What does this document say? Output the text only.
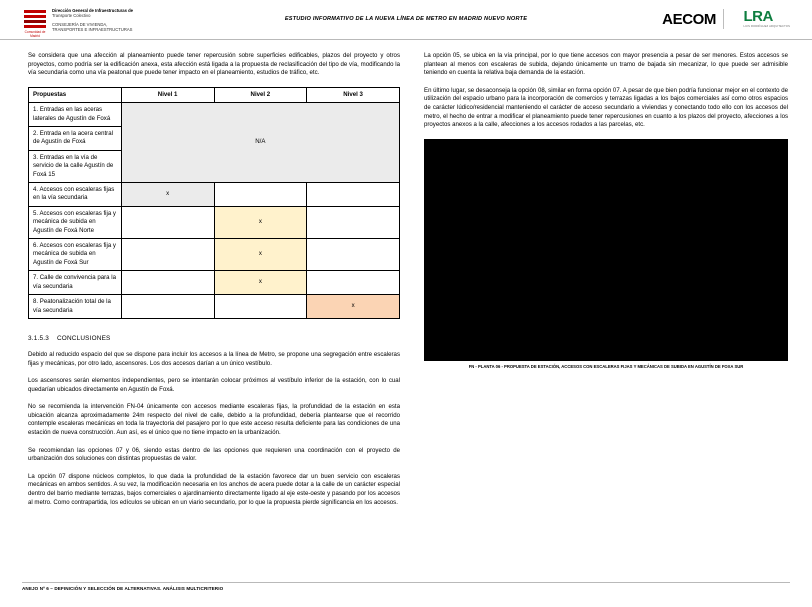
Comunidad de Madrid
Dirección General de Infraestructuras de
Transporte Colectivo
CONSEJERÍA DE VIVIENDA,
TRANSPORTES E INFRAESTRUCTURAS
ESTUDIO INFORMATIVO DE LA NUEVA LÍNEA DE METRO EN MADRID NUEVO NORTE	AECOM LRA
LUIS RODRÍGUEZ ARQUITECTOS

Se considera que una afección al planeamiento puede tener repercusión sobre superficies edificables, plazos del proyecto y otros proyectos, como podría ser la edificación anexa, esta afección está ligada a la propuesta de reclasificación del tipo de vía, modificando la vía secundaria como una vía peatonal que puede tener impacto en el planeamiento, estudios de tráfico, etc.

Propuestas	Nivel 1	Nivel 2	Nivel 3
1. Entradas en las aceras laterales de Agustín de Foxá	N/A		
2. Entrada en la acera central de Agustín de Foxá			
3. Entradas en la vía de servicio de la calle Agustín de Foxá 15			
4. Accesos con escaleras fijas en la vía secundaria	x		
5. Accesos con escaleras fija y mecánica de subida en Agustín de Foxá Norte		x	
6. Accesos con escaleras fija y mecánica de subida en Agustín de Foxá Sur		x	
7. Calle de convivencia para la vía secundaria		x	
8. Peatonalización total de la vía secundaria			x
3.1.5.3 CONCLUSIONES

Debido al reducido espacio del que se dispone para incluir los accesos a la línea de Metro, se propone una segregación entre escaleras fijas y mecánicas, por otro lado, ascensores. Los dos accesos darían a un único vestíbulo.

Los ascensores serán elementos independientes, pero se intentarán colocar próximos al vestíbulo inferior de la estación, con lo cual quedarían ubicados directamente en Agustín de Foxá.

No se recomienda la intervención FN-04 únicamente con accesos mediante escaleras fijas, la profundidad de la estación en esta ubicación alcanza aproximadamente 24m respecto del nivel de calle, debido a la profundidad, debería plantearse que el recorrido contemple escaleras mecánicas en toda la trayectoria del pasajero por lo que este acceso resulta deficiente para las condiciones de una estación de nueva construcción. Aun así, es el único que no tiene impacto en la urbanización.

Se recomiendan las opciones 07 y 06, siendo estas dentro de las opciones que requieren una coordinación con el proyecto de urbanización dos soluciones con distintas propuestas de valor.

La opción 07 dispone núcleos completos, lo que dada la profundidad de la estación favorece dar un buen servicio con escaleras mecánicas en ambos sentidos. A su vez, la modificación necesaria en los anchos de acera puede dotar a la calle de un carácter especial dentro del barrio mediante terrazas, bajos comerciales o ajardinamiento directamente ligado al eje este-oeste y pasando por los accesos al metro. Como contrapartida, los edículos se ubican en un viario secundario, por lo que la propuesta pierde significancia en los accesos.

La opción 05, se ubica en la vía principal, por lo que tiene accesos con mayor presencia a pesar de ser menores. Estos accesos se plantean al menos con escaleras de subida, dejando únicamente un tramo de bajada sin mecanizar, lo que puede ser admisible teniendo en cuenta la relativa baja demanda de la estación.

En último lugar, se desaconseja la opción 08, similar en forma opción 07. A pesar de que bien podría funcionar mejor en el contexto de utilización del espacio urbano para la incorporación de comercios y terrazas ligadas a los bajos comerciales así como otros espacios de carácter lúdico/residencial manteniendo el carácter de acceso secundario a viviendas y conectando todo ello con los accesos del metro, el hecho de entrar a modificar el planeamiento puede tener repercusiones en cuanto a los plazos del proyecto, afecciones a los proyectos anexos a la calle, afecciones a los accesos rodados a las parcelas, etc.

FN - PLANTA 06 - PROPUESTA DE ESTACIÓN, ACCESOS CON ESCALERAS FIJAS Y MECÁNICAS DE SUBIDA EN AGUSTÍN DE FOXA SUR
ANEJO Nº 6 – DEFINICIÓN Y SELECCIÓN DE ALTERNATIVAS. ANÁLISIS MULTICRITERIO
